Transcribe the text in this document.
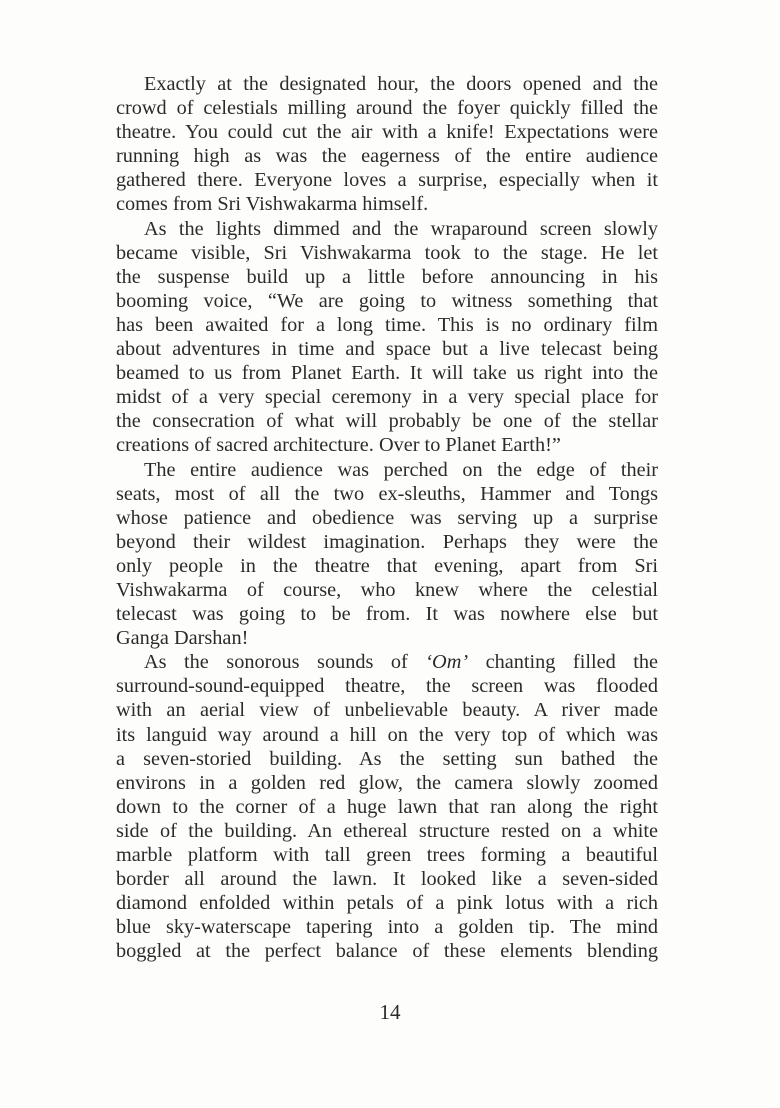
Exactly at the designated hour, the doors opened and the
crowd of celestials milling around the foyer quickly filled the
theatre. You could cut the air with a knife! Expectations were
running high as was the eagerness of the entire audience
gathered there. Everyone loves a surprise, especially when it
comes from Sri Vishwakarma himself.
As the lights dimmed and the wraparound screen slowly
became visible, Sri Vishwakarma took to the stage. He let
the suspense build up a little before announcing in his
booming voice, “We are going to witness something that
has been awaited for a long time. This is no ordinary film
about adventures in time and space but a live telecast being
beamed to us from Planet Earth. It will take us right into the
midst of a very special ceremony in a very special place for
the consecration of what will probably be one of the stellar
creations of sacred architecture. Over to Planet Earth!”
The entire audience was perched on the edge of their
seats, most of all the two ex-sleuths, Hammer and Tongs
whose patience and obedience was serving up a surprise
beyond their wildest imagination. Perhaps they were the
only people in the theatre that evening, apart from Sri
Vishwakarma of course, who knew where the celestial
telecast was going to be from. It was nowhere else but
Ganga Darshan!
As the sonorous sounds of ‘Om’ chanting filled the
surround-sound-equipped theatre, the screen was flooded
with an aerial view of unbelievable beauty. A river made
its languid way around a hill on the very top of which was
a seven-storied building. As the setting sun bathed the
environs in a golden red glow, the camera slowly zoomed
down to the corner of a huge lawn that ran along the right
side of the building. An ethereal structure rested on a white
marble platform with tall green trees forming a beautiful
border all around the lawn. It looked like a seven-sided
diamond enfolded within petals of a pink lotus with a rich
blue sky-waterscape tapering into a golden tip. The mind
boggled at the perfect balance of these elements blending
14
